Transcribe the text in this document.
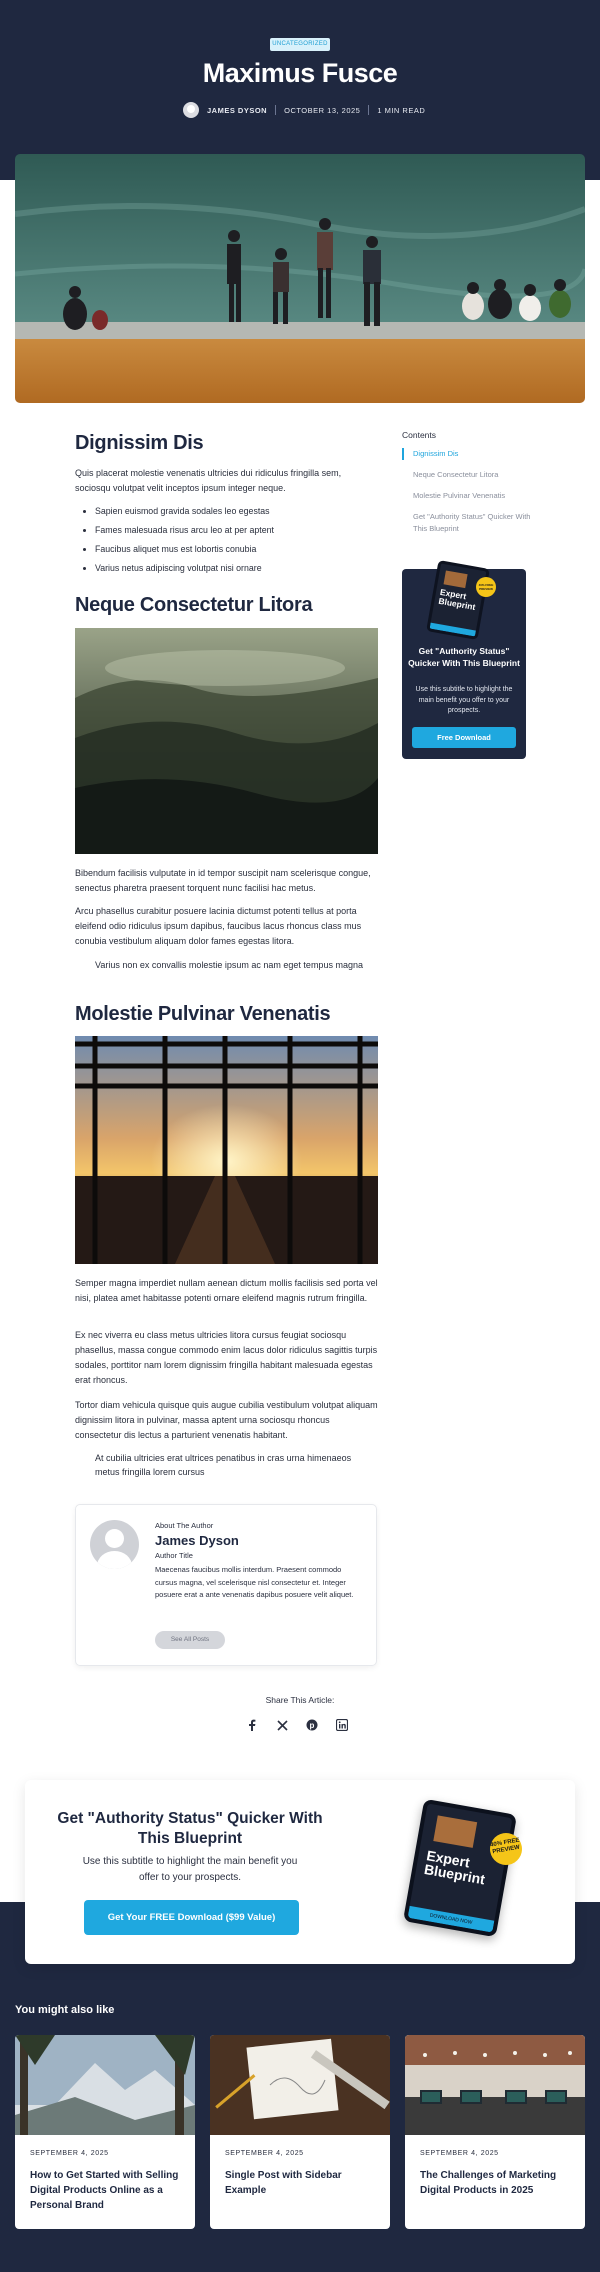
UNCATEGORIZED
Maximus Fusce
JAMES DYSON OCTOBER 13, 2025 1 MIN READ
Dignissim Dis

Quis placerat molestie venenatis ultricies dui ridiculus fringilla sem, sociosqu volutpat velit inceptos ipsum integer neque.

• Sapien euismod gravida sodales leo egestas
• Fames malesuada risus arcu leo at per aptent
• Faucibus aliquet mus est lobortis conubia
• Varius netus adipiscing volutpat nisi ornare
Neque Consectetur Litora

Bibendum facilisis vulputate in id tempor suscipit nam scelerisque congue, senectus pharetra praesent torquent nunc facilisi hac metus.

Arcu phasellus curabitur posuere lacinia dictumst potenti tellus at porta eleifend odio ridiculus ipsum dapibus, faucibus lacus rhoncus class mus conubia vestibulum aliquam dolor fames egestas litora.

Varius non ex convallis molestie ipsum ac nam eget tempus magna

Molestie Pulvinar Venenatis

Semper magna imperdiet nullam aenean dictum mollis facilisis sed porta vel nisi, platea amet habitasse potenti ornare eleifend magnis rutrum fringilla.

Ex nec viverra eu class metus ultricies litora cursus feugiat sociosqu phasellus, massa congue commodo enim lacus dolor ridiculus sagittis turpis sodales, porttitor nam lorem dignissim fringilla habitant malesuada egestas erat rhoncus.

Tortor diam vehicula quisque quis augue cubilia vestibulum volutpat aliquam dignissim litora in pulvinar, massa aptent urna sociosqu rhoncus consectetur dis lectus a parturient venenatis habitant.

At cubilia ultricies erat ultrices penatibus in cras urna himenaeos metus fringilla lorem cursus

Contents
Dignissim Dis
Neque Consectetur Litora
Molestie Pulvinar Venenatis
Get "Authority Status" Quicker With This Blueprint
Expert Blueprint
40% FREE PREVIEW
Get "Authority Status" Quicker With This Blueprint
Use this subtitle to highlight the main benefit you offer to your prospects.
Free Download
About The Author
James Dyson
Author Title
Maecenas faucibus mollis interdum. Praesent commodo cursus magna, vel scelerisque nisl consectetur et. Integer posuere erat a ante venenatis dapibus posuere velit aliquet.
See All Posts
Share This Article:
p
Get "Authority Status" Quicker With This Blueprint
Use this subtitle to highlight the main benefit you offer to your prospects.
Get Your FREE Download ($99 Value)
Expert Blueprint
DOWNLOAD NOW
40% FREE PREVIEW
You might also like
SEPTEMBER 4, 2025
How to Get Started with Selling Digital Products Online as a Personal Brand
SEPTEMBER 4, 2025
Single Post with Sidebar Example
SEPTEMBER 4, 2025
The Challenges of Marketing Digital Products in 2025
